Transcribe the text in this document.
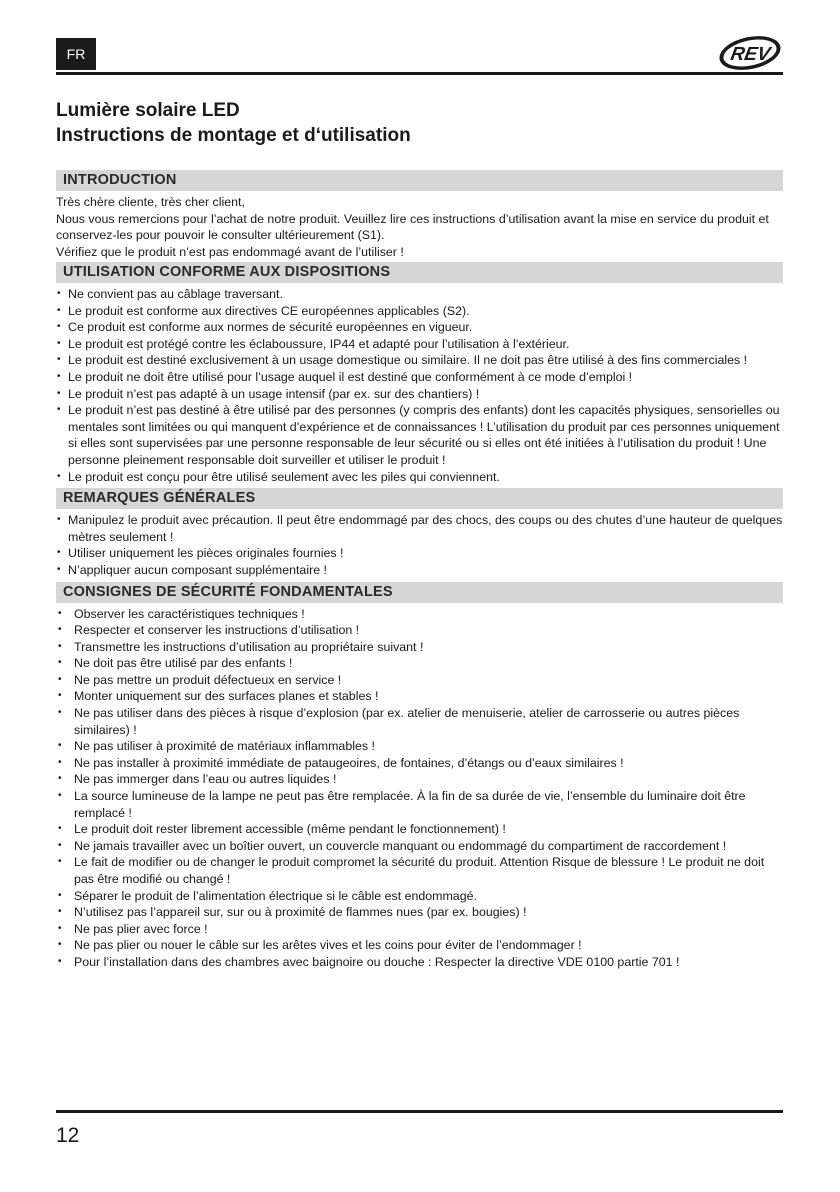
FR	REV
Lumière solaire LED
Instructions de montage et d‘utilisation
INTRODUCTION
Très chère cliente, très cher client,
Nous vous remercions pour l’achat de notre produit. Veuillez lire ces instructions d’utilisation avant la mise en service du produit et conservez-les pour pouvoir le consulter ultérieurement (S1).
Vérifiez que le produit n’est pas endommagé avant de l’utiliser !
UTILISATION CONFORME AUX DISPOSITIONS
• Ne convient pas au câblage traversant.
• Le produit est conforme aux directives CE européennes applicables (S2).
• Ce produit est conforme aux normes de sécurité européennes en vigueur.
• Le produit est protégé contre les éclaboussure, IP44 et adapté pour l’utilisation à l’extérieur.
• Le produit est destiné exclusivement à un usage domestique ou similaire. Il ne doit pas être utilisé à des fins commerciales !
• Le produit ne doit être utilisé pour l’usage auquel il est destiné que conformément à ce mode d’emploi !
• Le produit n’est pas adapté à un usage intensif (par ex. sur des chantiers) !
• Le produit n’est pas destiné à être utilisé par des personnes (y compris des enfants) dont les capacités physiques, sensorielles ou mentales sont limitées ou qui manquent d’expérience et de connaissances ! L’utilisation du produit par ces personnes uniquement si elles sont supervisées par une personne responsable de leur sécurité ou si elles ont été initiées à l’utilisation du produit ! Une personne pleinement responsable doit surveiller et utiliser le produit !
• Le produit est conçu pour être utilisé seulement avec les piles qui conviennent.
REMARQUES GÉNÉRALES
• Manipulez le produit avec précaution. Il peut être endommagé par des chocs, des coups ou des chutes d’une hauteur de quelques mètres seulement !
• Utiliser uniquement les pièces originales fournies !
• N’appliquer aucun composant supplémentaire !
CONSIGNES DE SÉCURITÉ FONDAMENTALES
• Observer les caractéristiques techniques !
• Respecter et conserver les instructions d’utilisation !
• Transmettre les instructions d’utilisation au propriétaire suivant !
• Ne doit pas être utilisé par des enfants !
• Ne pas mettre un produit défectueux en service !
• Monter uniquement sur des surfaces planes et stables !
• Ne pas utiliser dans des pièces à risque d’explosion (par ex. atelier de menuiserie, atelier de carrosserie ou autres pièces similaires) !
• Ne pas utiliser à proximité de matériaux inflammables !
• Ne pas installer à proximité immédiate de pataugeoires, de fontaines, d’étangs ou d’eaux similaires !
• Ne pas immerger dans l’eau ou autres liquides !
• La source lumineuse de la lampe ne peut pas être remplacée. À la fin de sa durée de vie, l’ensemble du luminaire doit être remplacé !
• Le produit doit rester librement accessible (même pendant le fonctionnement) !
• Ne jamais travailler avec un boîtier ouvert, un couvercle manquant ou endommagé du compartiment de raccordement !
• Le fait de modifier ou de changer le produit compromet la sécurité du produit. Attention Risque de blessure ! Le produit ne doit pas être modifié ou changé !
• Séparer le produit de l’alimentation électrique si le câble est endommagé.
• N’utilisez pas l’appareil sur, sur ou à proximité de flammes nues (par ex. bougies) !
• Ne pas plier avec force !
• Ne pas plier ou nouer le câble sur les arêtes vives et les coins pour éviter de l’endommager !
• Pour l’installation dans des chambres avec baignoire ou douche : Respecter la directive VDE 0100 partie 701 !
12
